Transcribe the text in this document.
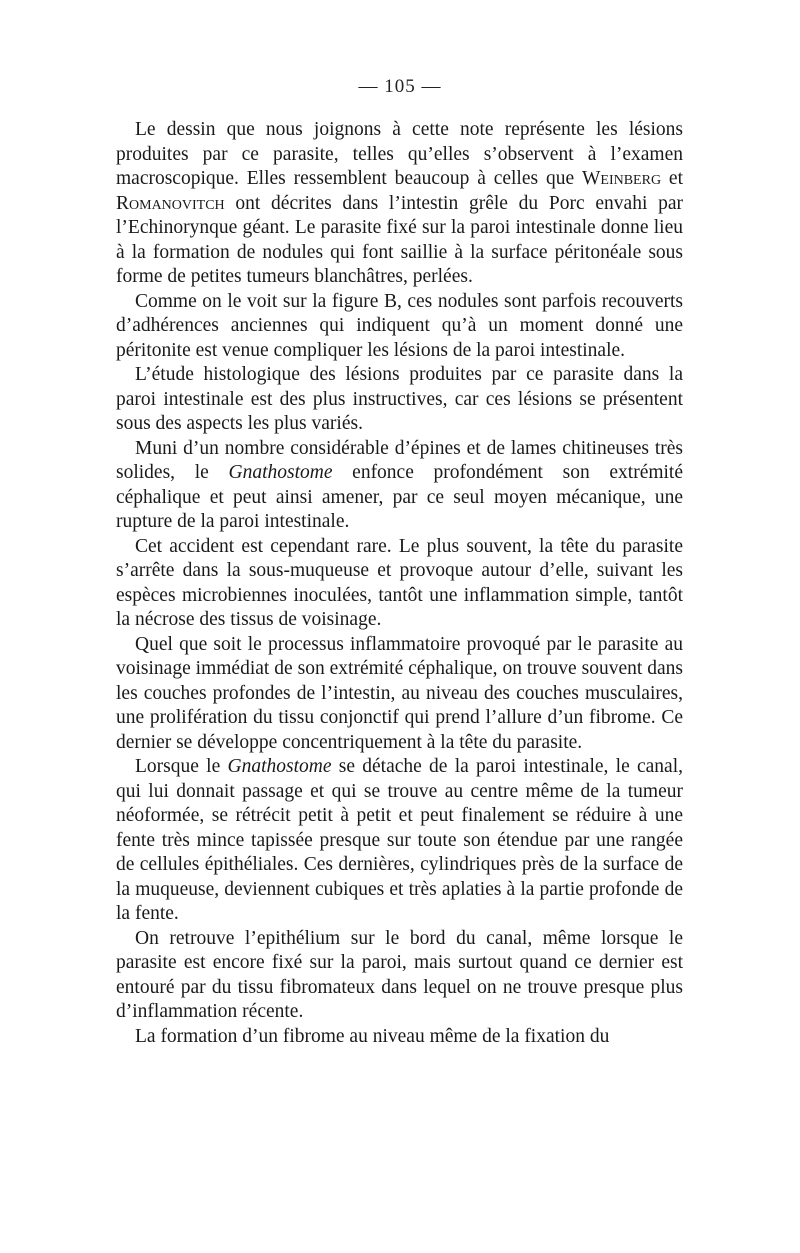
— 105 —

Le dessin que nous joignons à cette note représente les lésions produites par ce parasite, telles qu’elles s’observent à l’examen macroscopique. Elles ressemblent beaucoup à celles que Weinberg et Romanovitch ont décrites dans l’intestin grêle du Porc envahi par l’Echinorynque géant. Le parasite fixé sur la paroi intestinale donne lieu à la formation de nodules qui font saillie à la surface péritonéale sous forme de petites tumeurs blanchâtres, perlées.

Comme on le voit sur la figure B, ces nodules sont parfois recouverts d’adhérences anciennes qui indiquent qu’à un moment donné une péritonite est venue compliquer les lésions de la paroi intestinale.

L’étude histologique des lésions produites par ce parasite dans la paroi intestinale est des plus instructives, car ces lésions se présentent sous des aspects les plus variés.

Muni d’un nombre considérable d’épines et de lames chitineuses très solides, le Gnathostome enfonce profondément son extrémité céphalique et peut ainsi amener, par ce seul moyen mécanique, une rupture de la paroi intestinale.

Cet accident est cependant rare. Le plus souvent, la tête du parasite s’arrête dans la sous-muqueuse et provoque autour d’elle, suivant les espèces microbiennes inoculées, tantôt une inflammation simple, tantôt la nécrose des tissus de voisinage.

Quel que soit le processus inflammatoire provoqué par le parasite au voisinage immédiat de son extrémité céphalique, on trouve souvent dans les couches profondes de l’intestin, au niveau des couches musculaires, une prolifération du tissu conjonctif qui prend l’allure d’un fibrome. Ce dernier se développe concentriquement à la tête du parasite.

Lorsque le Gnathostome se détache de la paroi intestinale, le canal, qui lui donnait passage et qui se trouve au centre même de la tumeur néoformée, se rétrécit petit à petit et peut finalement se réduire à une fente très mince tapissée presque sur toute son étendue par une rangée de cellules épithéliales. Ces dernières, cylindriques près de la surface de la muqueuse, deviennent cubiques et très aplaties à la partie profonde de la fente.

On retrouve l’epithélium sur le bord du canal, même lorsque le parasite est encore fixé sur la paroi, mais surtout quand ce dernier est entouré par du tissu fibromateux dans lequel on ne trouve presque plus d’inflammation récente.

La formation d’un fibrome au niveau même de la fixation du
